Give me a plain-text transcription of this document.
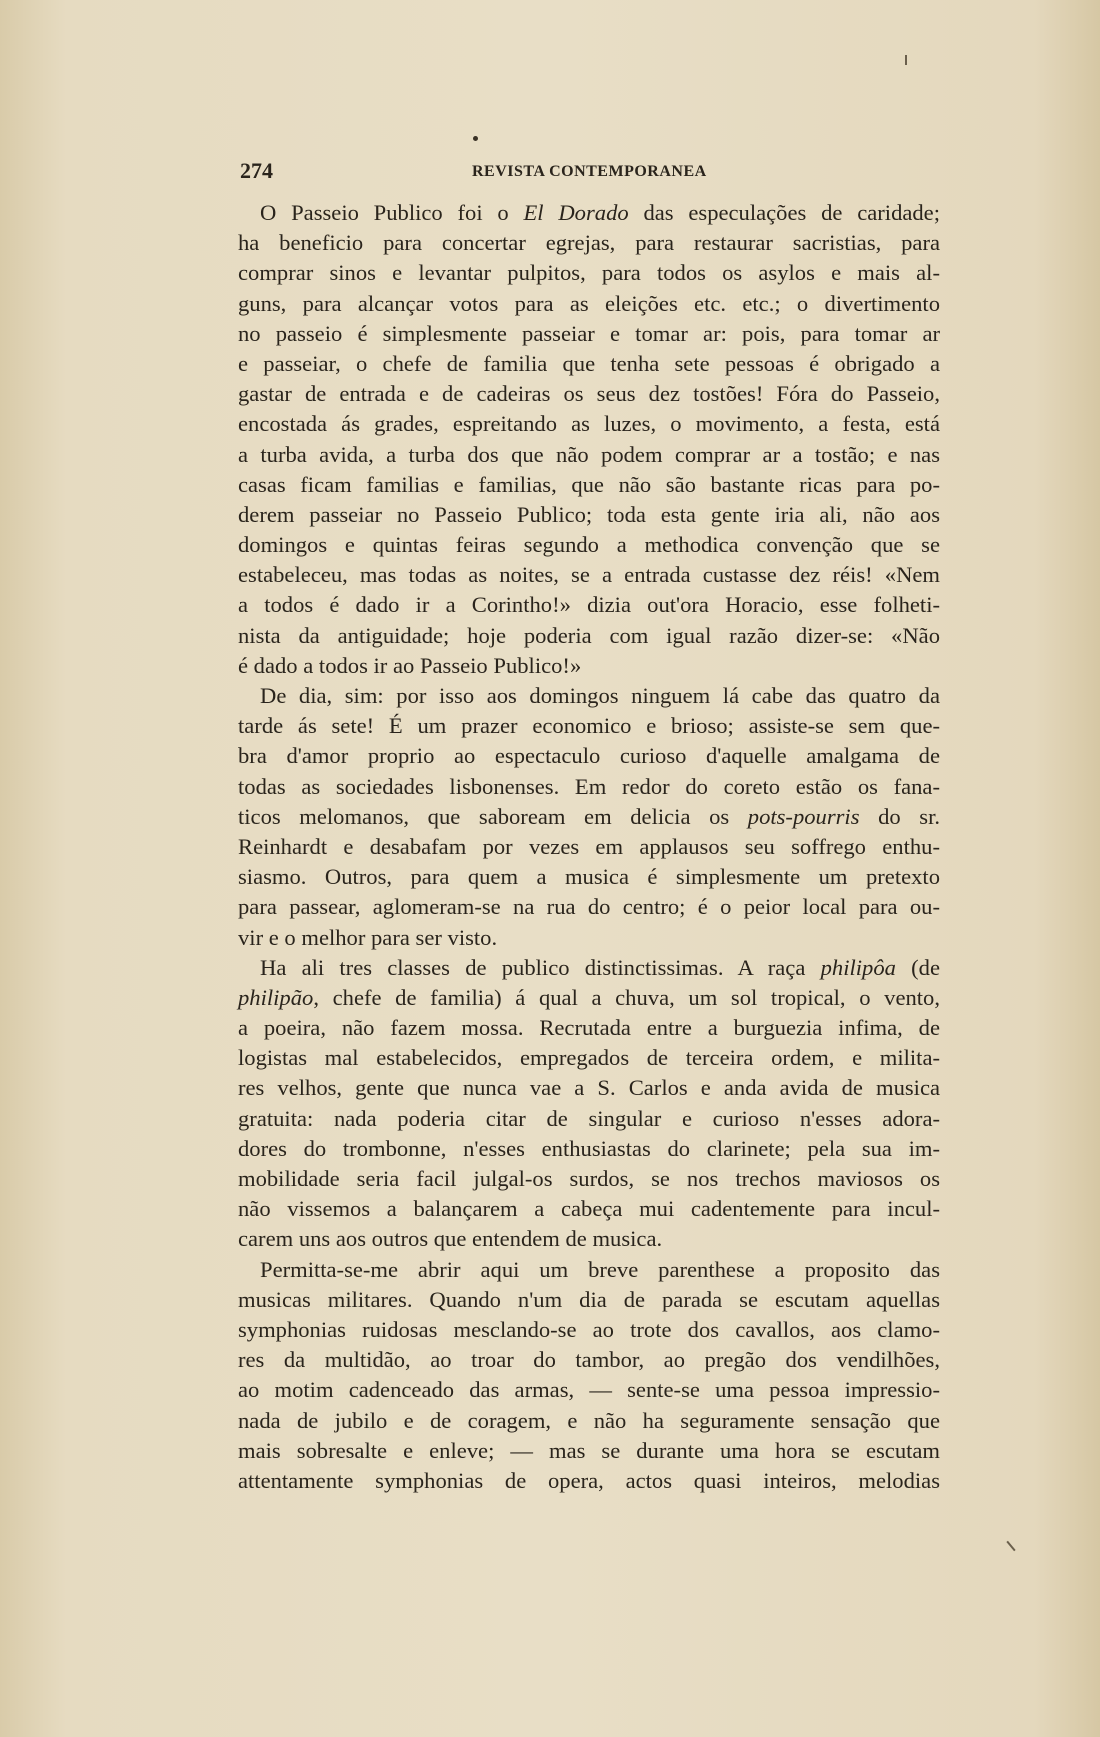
274	REVISTA CONTEMPORANEA
O Passeio Publico foi o El Dorado das especulações de caridade;
ha beneficio para concertar egrejas, para restaurar sacristias, para
comprar sinos e levantar pulpitos, para todos os asylos e mais al-
guns, para alcançar votos para as eleições etc. etc.; o divertimento
no passeio é simplesmente passeiar e tomar ar: pois, para tomar ar
e passeiar, o chefe de familia que tenha sete pessoas é obrigado a
gastar de entrada e de cadeiras os seus dez tostões! Fóra do Passeio,
encostada ás grades, espreitando as luzes, o movimento, a festa, está
a turba avida, a turba dos que não podem comprar ar a tostão; e nas
casas ficam familias e familias, que não são bastante ricas para po-
derem passeiar no Passeio Publico; toda esta gente iria ali, não aos
domingos e quintas feiras segundo a methodica convenção que se
estabeleceu, mas todas as noites, se a entrada custasse dez réis! «Nem
a todos é dado ir a Corintho!» dizia out'ora Horacio, esse folheti-
nista da antiguidade; hoje poderia com igual razão dizer-se: «Não
é dado a todos ir ao Passeio Publico!»
De dia, sim: por isso aos domingos ninguem lá cabe das quatro da
tarde ás sete! É um prazer economico e brioso; assiste-se sem que-
bra d'amor proprio ao espectaculo curioso d'aquelle amalgama de
todas as sociedades lisbonenses. Em redor do coreto estão os fana-
ticos melomanos, que saboream em delicia os pots-pourris do sr.
Reinhardt e desabafam por vezes em applausos seu soffrego enthu-
siasmo. Outros, para quem a musica é simplesmente um pretexto
para passear, aglomeram-se na rua do centro; é o peior local para ou-
vir e o melhor para ser visto.
Ha ali tres classes de publico distinctissimas. A raça philipôa (de
philipão, chefe de familia) á qual a chuva, um sol tropical, o vento,
a poeira, não fazem mossa. Recrutada entre a burguezia infima, de
logistas mal estabelecidos, empregados de terceira ordem, e milita-
res velhos, gente que nunca vae a S. Carlos e anda avida de musica
gratuita: nada poderia citar de singular e curioso n'esses adora-
dores do trombonne, n'esses enthusiastas do clarinete; pela sua im-
mobilidade seria facil julgal-os surdos, se nos trechos maviosos os
não vissemos a balançarem a cabeça mui cadentemente para incul-
carem uns aos outros que entendem de musica.
Permitta-se-me abrir aqui um breve parenthese a proposito das
musicas militares. Quando n'um dia de parada se escutam aquellas
symphonias ruidosas mesclando-se ao trote dos cavallos, aos clamo-
res da multidão, ao troar do tambor, ao pregão dos vendilhões,
ao motim cadenceado das armas, — sente-se uma pessoa impressio-
nada de jubilo e de coragem, e não ha seguramente sensação que
mais sobresalte e enleve; — mas se durante uma hora se escutam
attentamente symphonias de opera, actos quasi inteiros, melodias
